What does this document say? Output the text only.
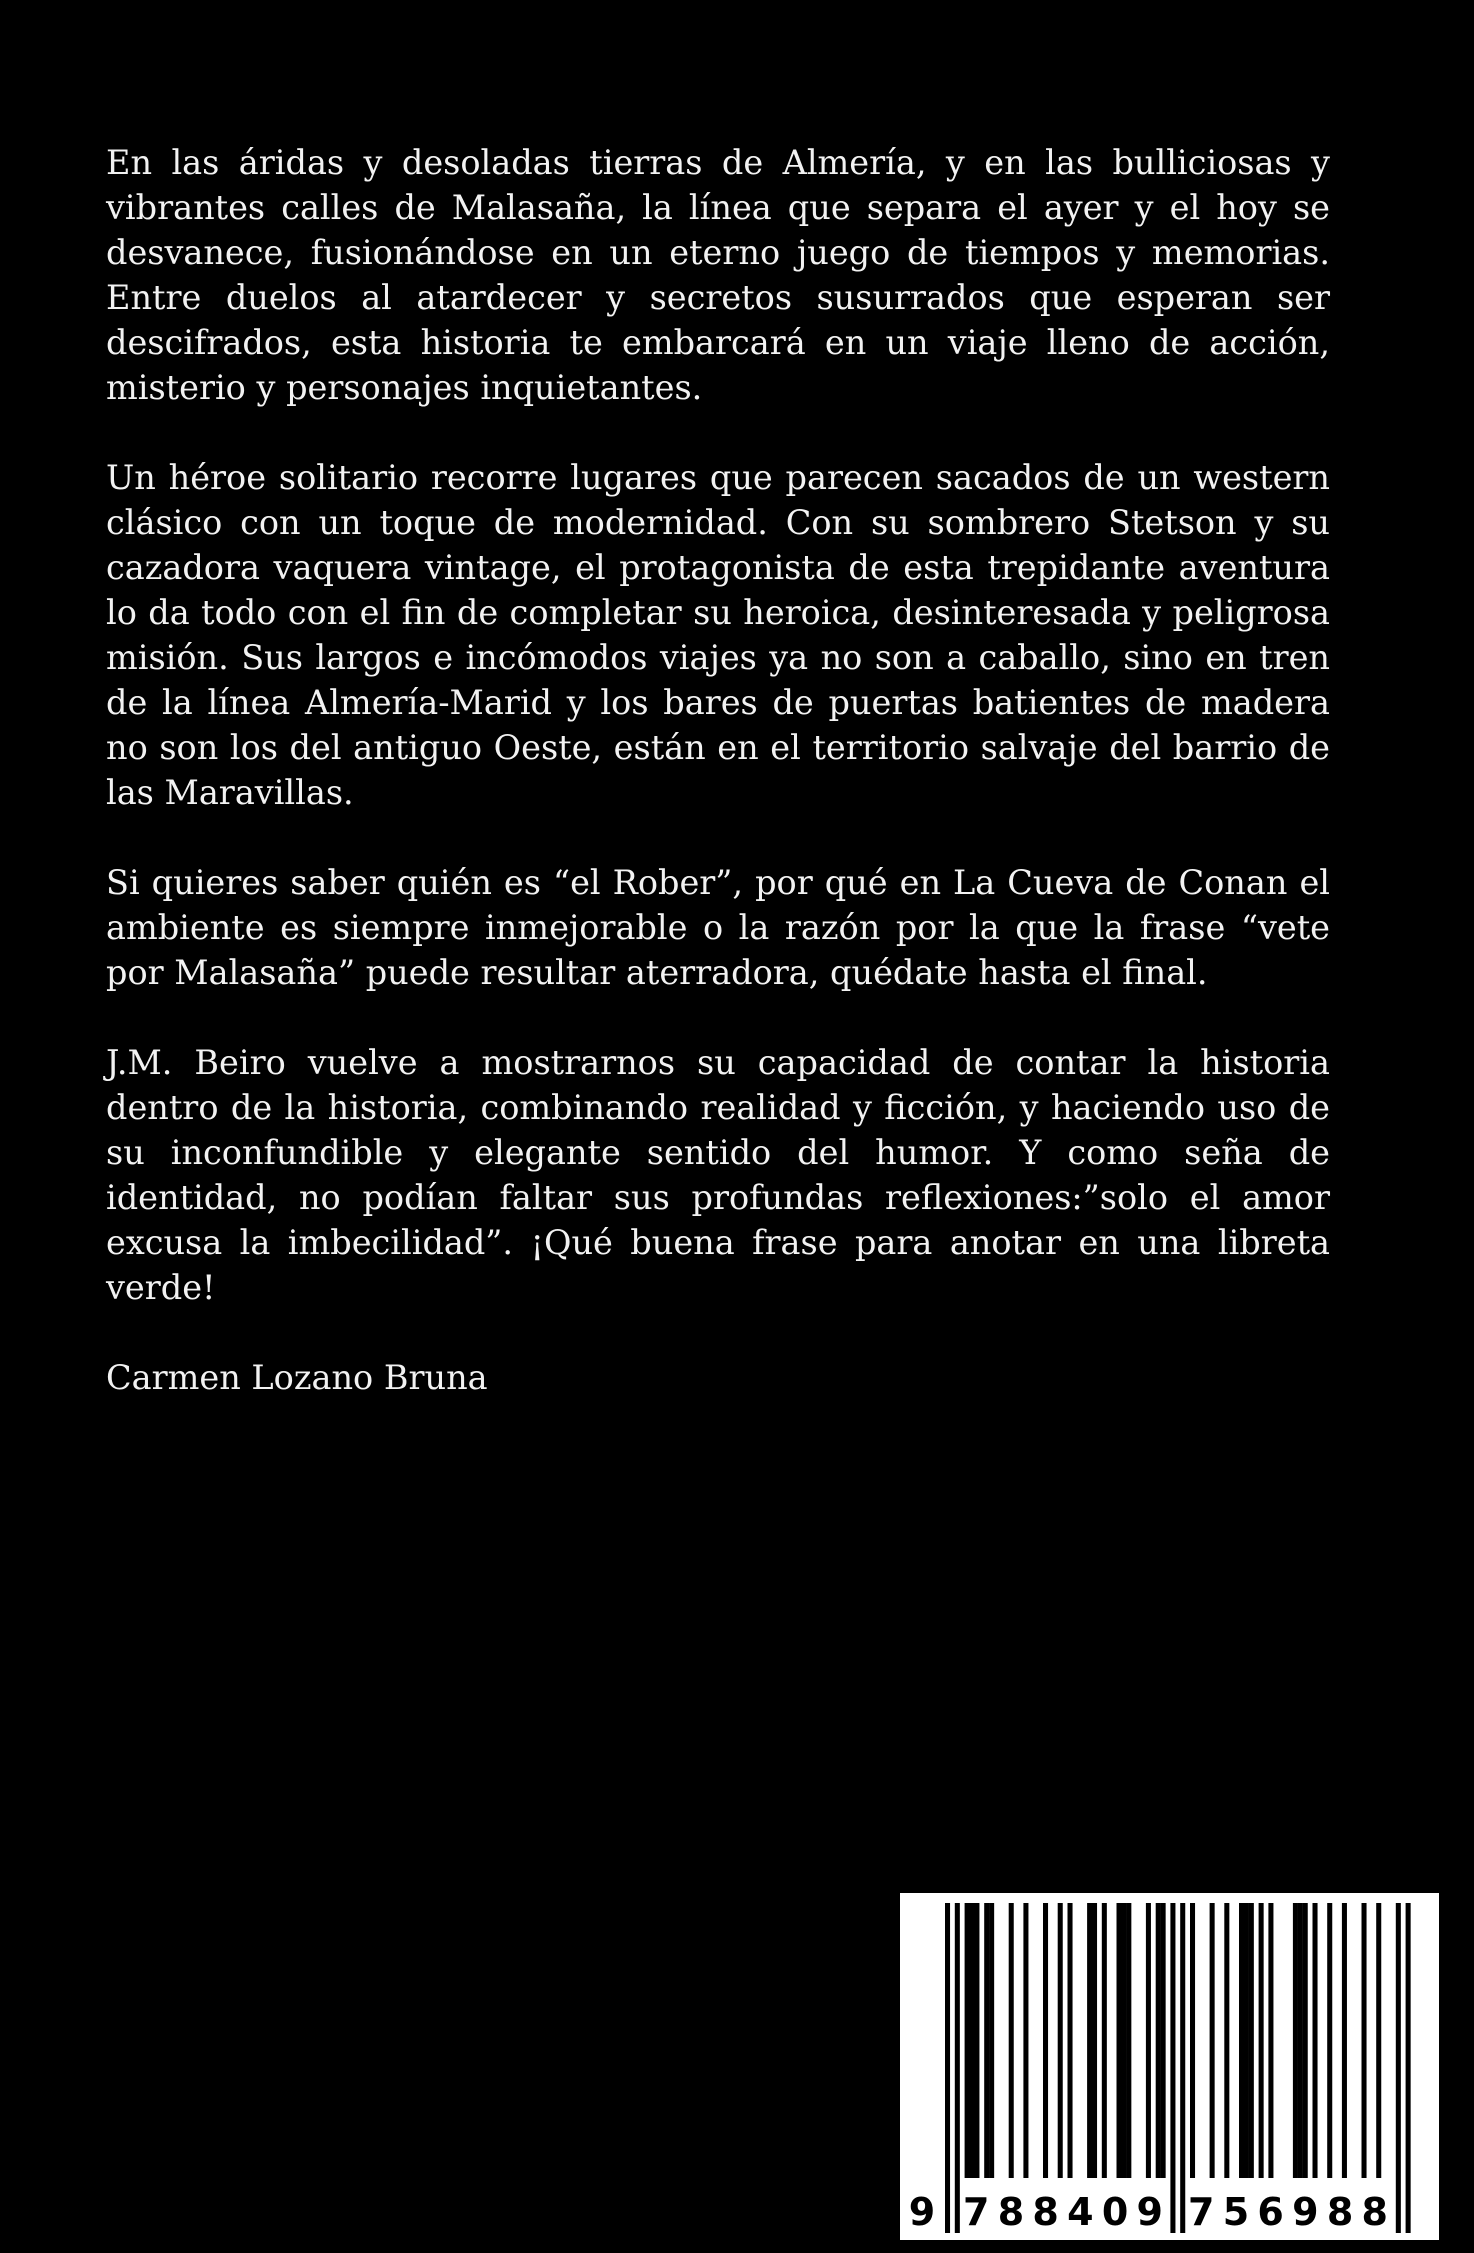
En las áridas y desoladas tierras de Almería, y en las bulliciosas y vibrantes calles de Malasaña, la línea que separa el ayer y el hoy se desvanece, fusionándose en un eterno juego de tiempos y memorias. Entre duelos al atardecer y secretos susurrados que esperan ser descifrados, esta historia te embarcará en un viaje lleno de acción, misterio y personajes inquietantes.

Un héroe solitario recorre lugares que parecen sacados de un western clásico con un toque de modernidad. Con su sombrero Stetson y su cazadora vaquera vintage, el protagonista de esta trepidante aventura lo da todo con el fin de completar su heroica, desinteresada y peligrosa misión. Sus largos e incómodos viajes ya no son a caballo, sino en tren de la línea Almería-Marid y los bares de puertas batientes de madera no son los del antiguo Oeste, están en el territorio salvaje del barrio de las Maravillas.

Si quieres saber quién es “el Rober”, por qué en La Cueva de Conan el ambiente es siempre inmejorable o la razón por la que la frase “vete por Malasaña” puede resultar aterradora, quédate hasta el final.

J.M. Beiro vuelve a mostrarnos su capacidad de contar la historia dentro de la historia, combinando realidad y ficción, y haciendo uso de su inconfundible y elegante sentido del humor. Y como seña de identidad, no podían faltar sus profundas reflexiones:”solo el amor excusa la imbecilidad”. ¡Qué buena frase para anotar en una libreta verde!

Carmen Lozano Bruna

9 788409 756988
